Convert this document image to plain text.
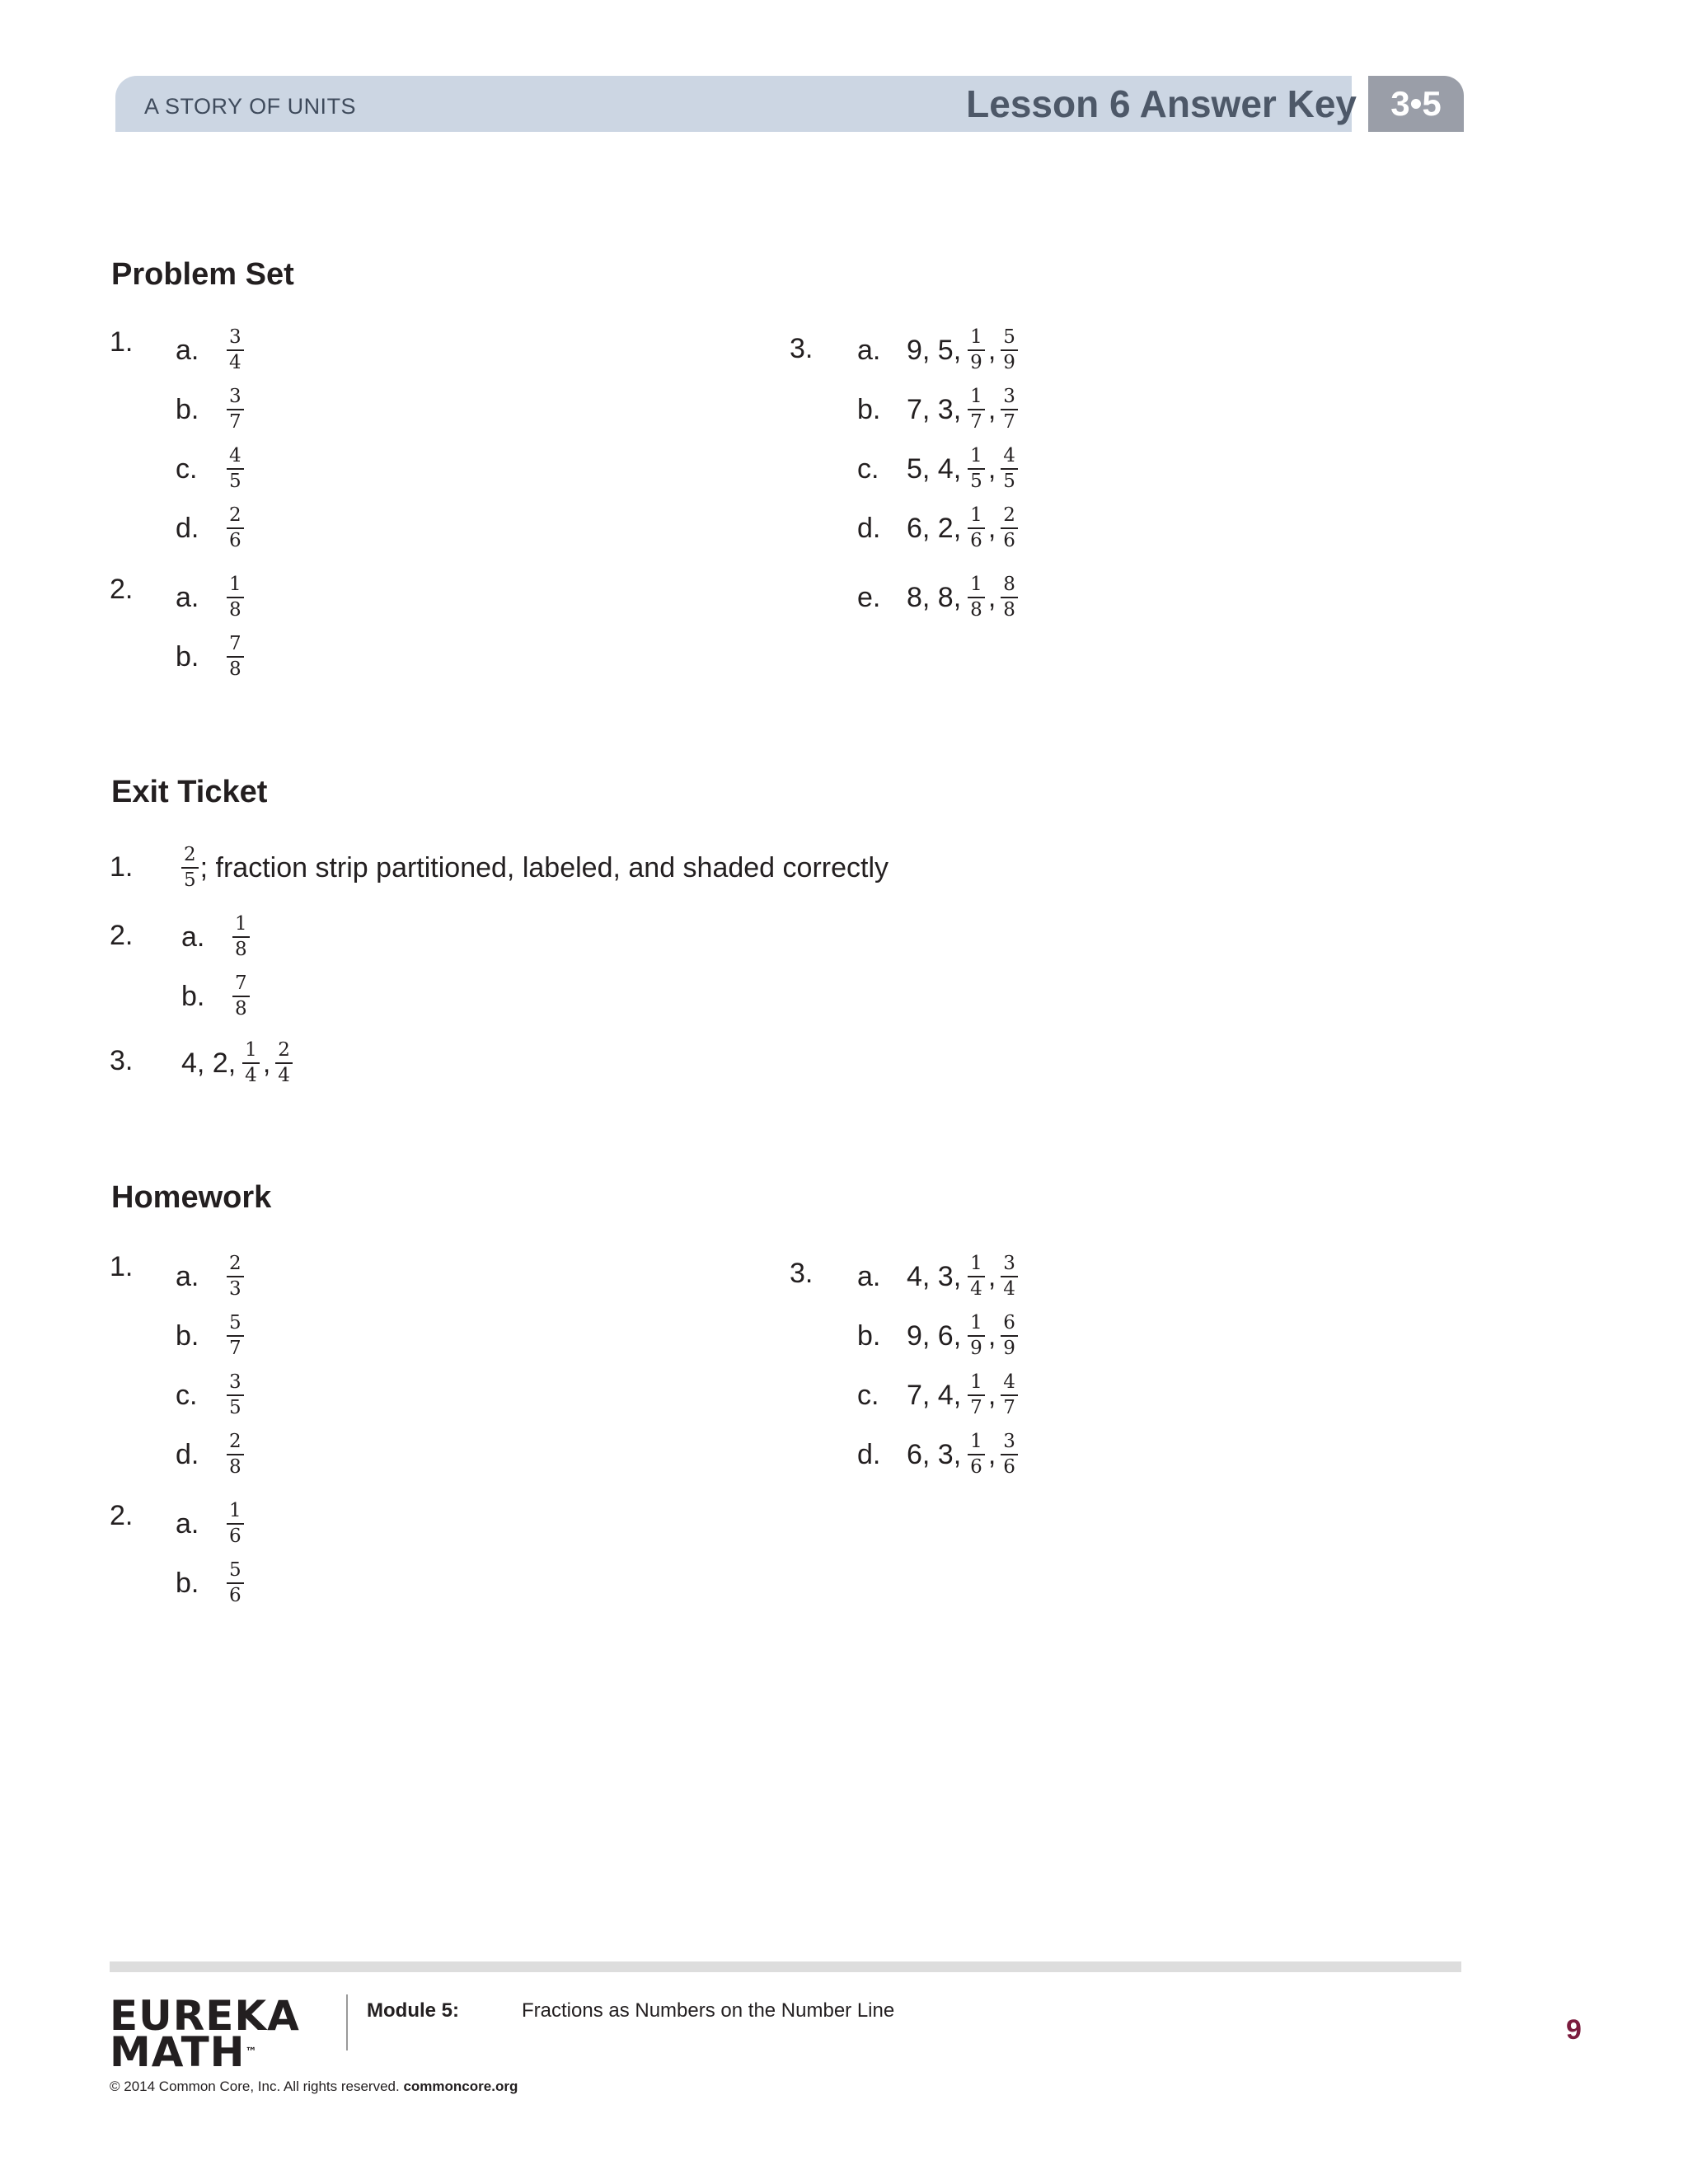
A STORY OF UNITS	Lesson 6 Answer Key 3•5
Problem Set
1. a.	$\frac{3}{4}$
b.	$\frac{3}{7}$
c.	$\frac{4}{5}$
d.	$\frac{2}{6}$
2. a.	$\frac{1}{8}$
b.	$\frac{7}{8}$
3. a. 9, 5, $\frac{1}{9}$ , $\frac{5}{9}$
b. 7, 3, $\frac{1}{7}$ , $\frac{3}{7}$
c. 5, 4, $\frac{1}{5}$ , $\frac{4}{5}$
d. 6, 2, $\frac{1}{6}$ , $\frac{2}{6}$
e. 8, 8, $\frac{1}{8}$ , $\frac{8}{8}$
Exit Ticket
1.	$\frac{2}{5}$ ; fraction strip partitioned, labeled, and shaded correctly
2. a.	$\frac{1}{8}$
b.	$\frac{7}{8}$
3. 4, 2, $\frac{1}{4}$ , $\frac{2}{4}$
Homework
1. a.	$\frac{2}{3}$
b.	$\frac{5}{7}$
c.	$\frac{3}{5}$
d.	$\frac{2}{8}$
2. a.	$\frac{1}{6}$
b.	$\frac{5}{6}$
3. a. 4, 3, $\frac{1}{4}$ , $\frac{3}{4}$
b. 9, 6, $\frac{1}{9}$ , $\frac{6}{9}$
c. 7, 4, $\frac{1}{7}$ , $\frac{4}{7}$
d. 6, 3, $\frac{1}{6}$ , $\frac{3}{6}$
EUREKA
MATH™
Module 5:	Fractions as Numbers on the Number Line
© 2014 Common Core, Inc. All rights reserved. commoncore.org
9
